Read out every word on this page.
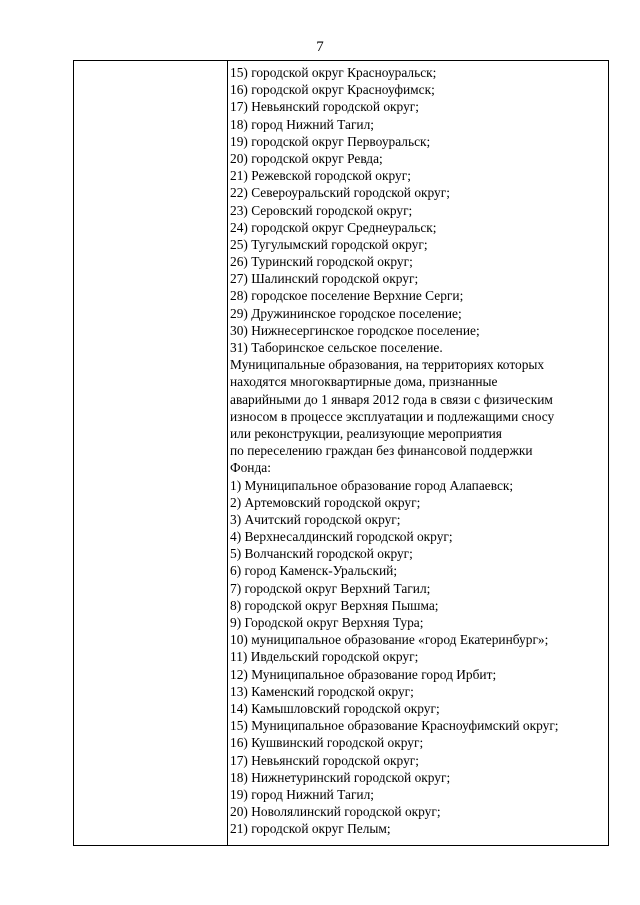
7
15) городской округ Красноуральск;
16) городской округ Красноуфимск;
17) Невьянский городской округ;
18) город Нижний Тагил;
19) городской округ Первоуральск;
20) городской округ Ревда;
21) Режевской городской округ;
22) Североуральский городской округ;
23) Серовский городской округ;
24) городской округ Среднеуральск;
25) Тугулымский городской округ;
26) Туринский городской округ;
27) Шалинский городской округ;
28) городское поселение Верхние Серги;
29) Дружининское городское поселение;
30) Нижнесергинское городское поселение;
31) Таборинское сельское поселение.
Муниципальные образования, на территориях которых
находятся многоквартирные дома, признанные
аварийными до 1 января 2012 года в связи с физическим
износом в процессе эксплуатации и подлежащими сносу
или реконструкции, реализующие мероприятия
по переселению граждан без финансовой поддержки
Фонда:
1) Муниципальное образование город Алапаевск;
2) Артемовский городской округ;
3) Ачитский городской округ;
4) Верхнесалдинский городской округ;
5) Волчанский городской округ;
6) город Каменск-Уральский;
7) городской округ Верхний Тагил;
8) городской округ Верхняя Пышма;
9) Городской округ Верхняя Тура;
10) муниципальное образование «город Екатеринбург»;
11) Ивдельский городской округ;
12) Муниципальное образование город Ирбит;
13) Каменский городской округ;
14) Камышловский городской округ;
15) Муниципальное образование Красноуфимский округ;
16) Кушвинский городской округ;
17) Невьянский городской округ;
18) Нижнетуринский городской округ;
19) город Нижний Тагил;
20) Новолялинский городской округ;
21) городской округ Пелым;
